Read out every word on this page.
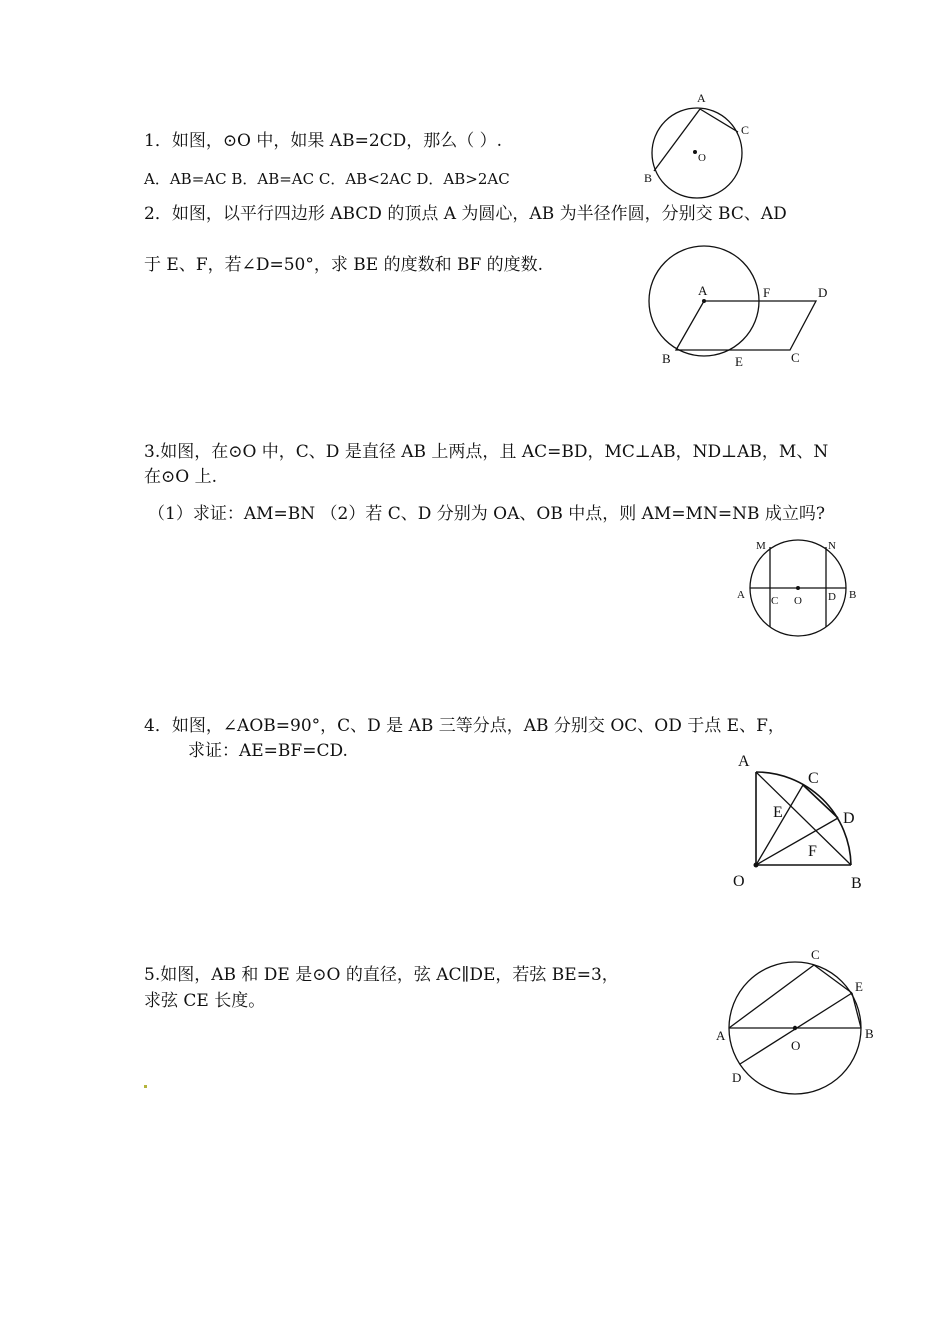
1．如图，⊙O 中，如果 AB=2CD，那么（ ）.
A．AB=AC B．AB=AC C．AB<2AC D．AB>2AC
A
C
B
O
2．如图，以平行四边形 ABCD 的顶点 A 为圆心，AB 为半径作圆，分别交 BC、AD
于 E、F，若∠D=50°，求 BE 的度数和 BF 的度数.
A	F	D
B	E	C
3.如图，在⊙O 中，C、D 是直径 AB 上两点，且 AC=BD，MC⊥AB，ND⊥AB，M、N
在⊙O 上.
（1）求证：AM=BN （2）若 C、D 分别为 OA、OB 中点，则 AM=MN=NB 成立吗?
M	N
A C O D B
4．如图，∠AOB=90°，C、D 是 AB 三等分点，AB 分别交 OC、OD 于点 E、F，
求证：AE=BF=CD.
A
C
E	D
F
O	B
5.如图，AB 和 DE 是⊙O 的直径，弦 AC∥DE，若弦 BE=3，
求弦 CE 长度。
C
E
A	B
O
D
